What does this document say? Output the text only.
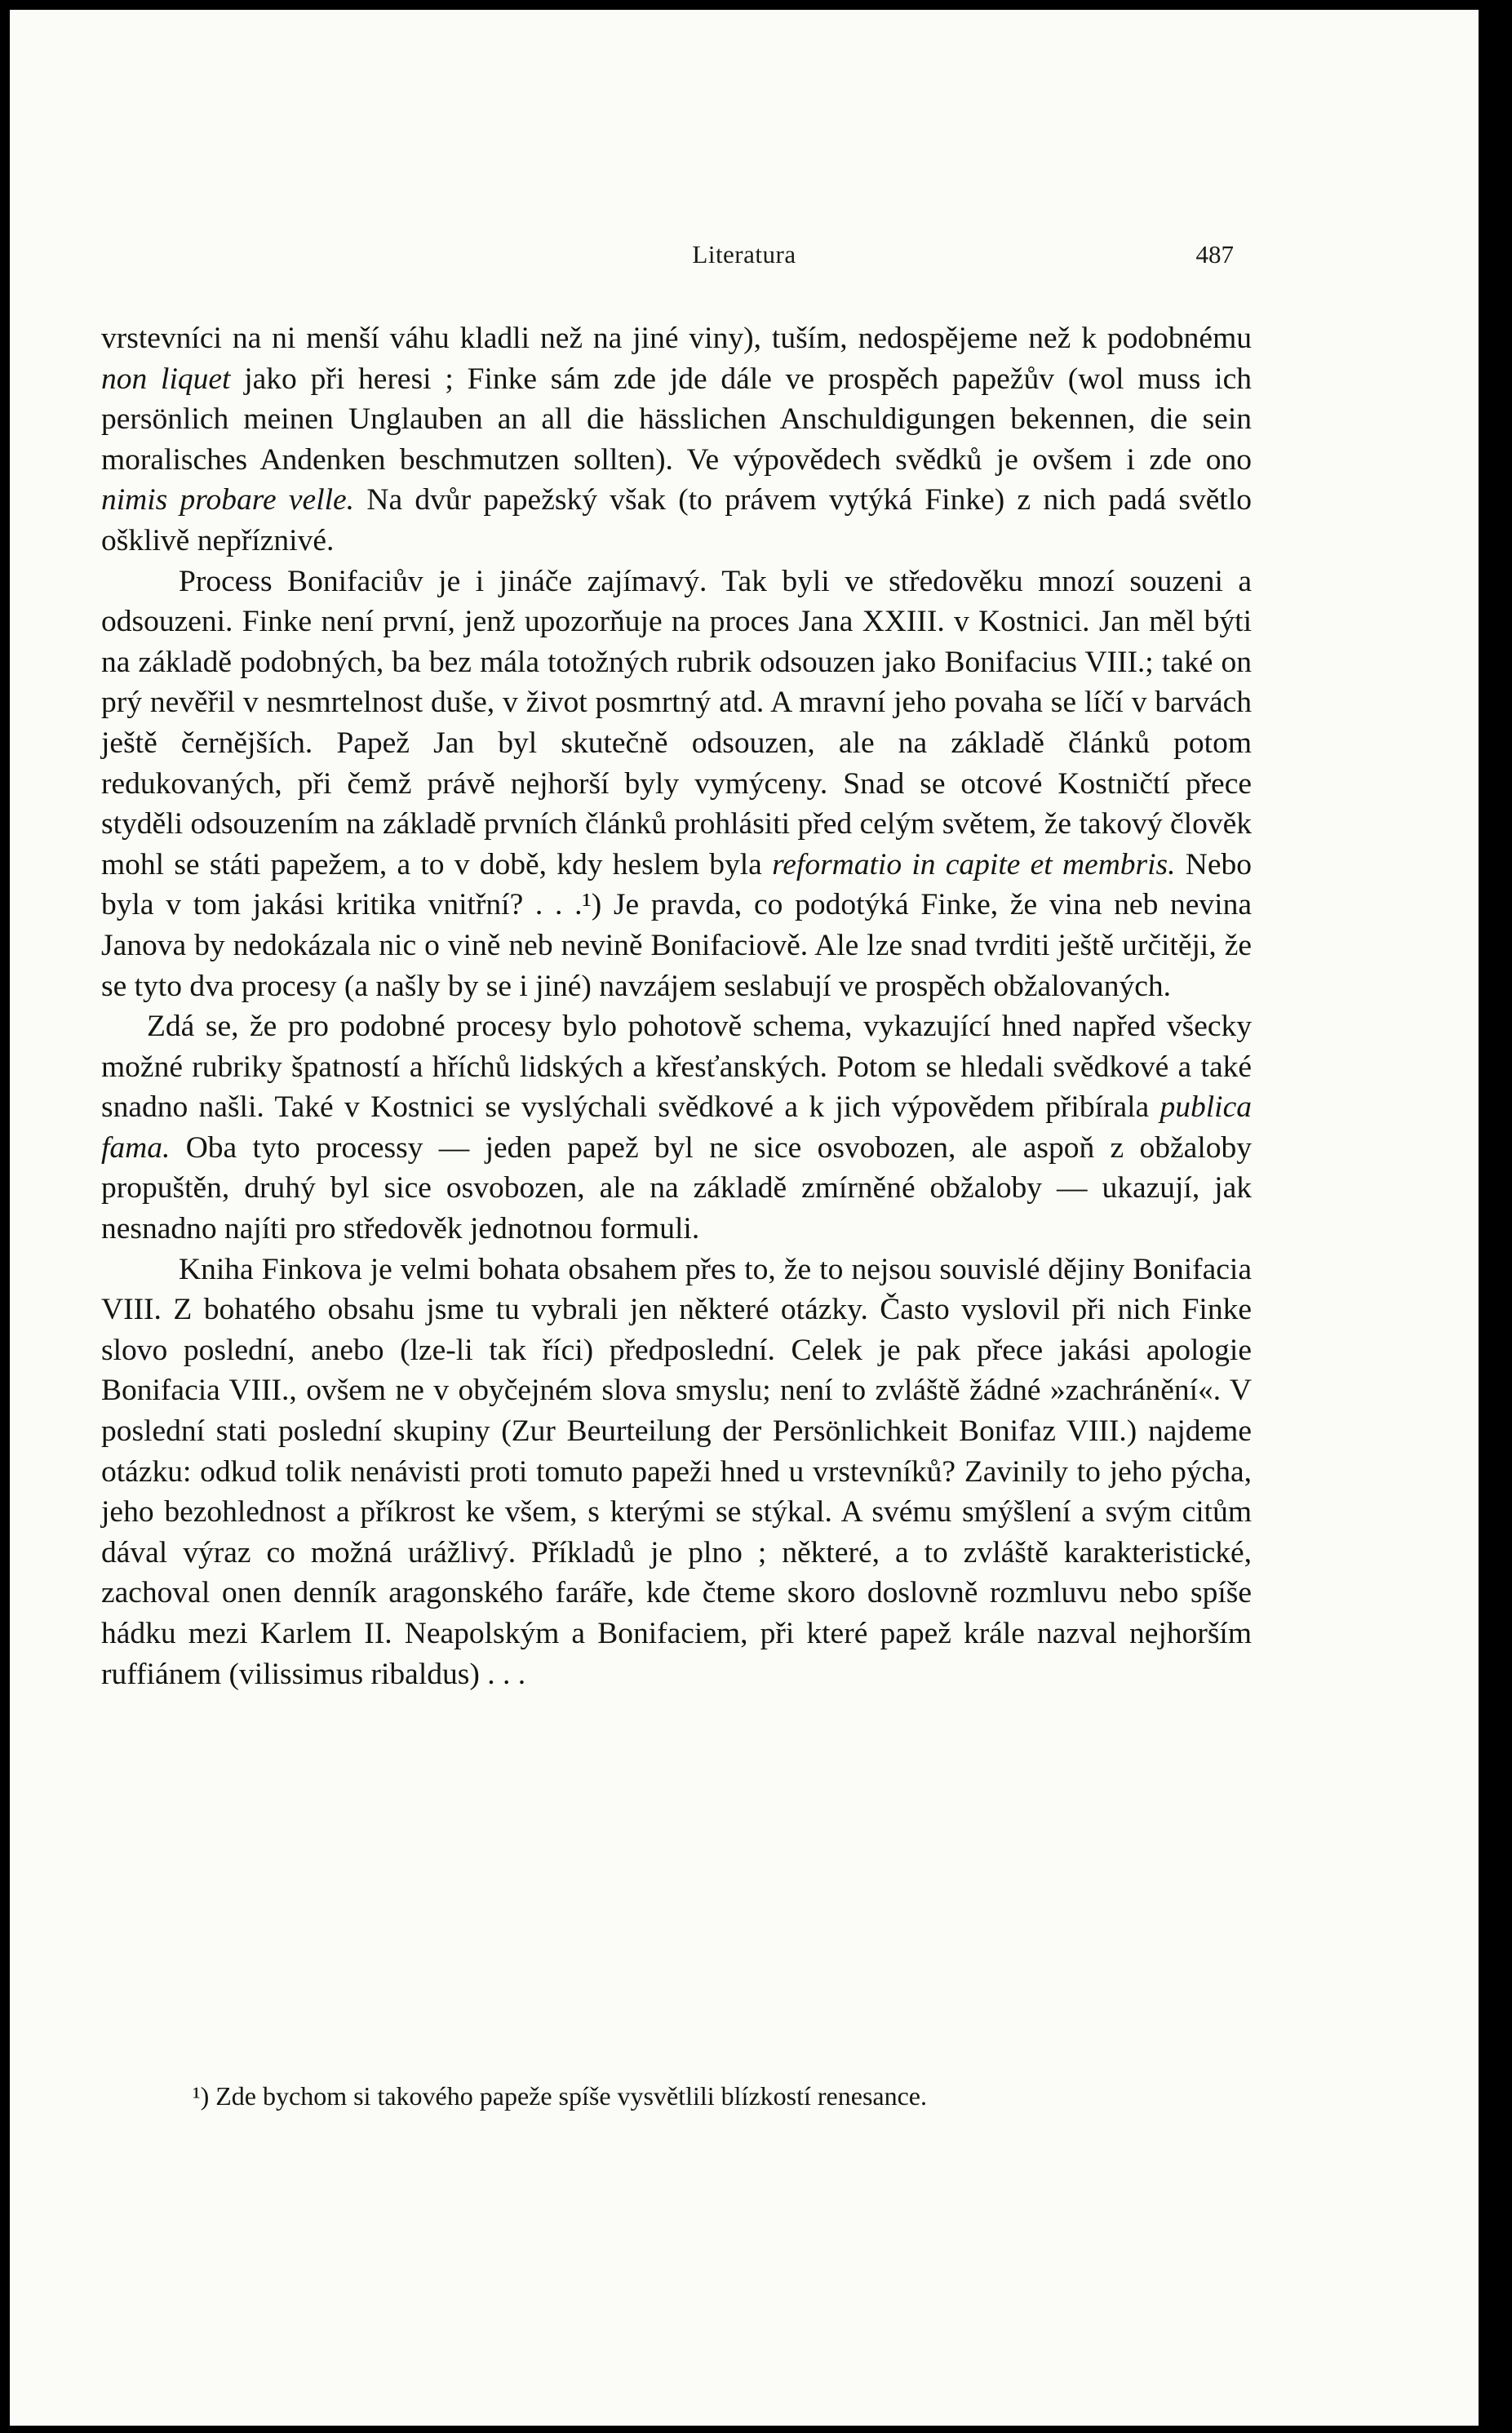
Literatura	487

vrstevníci na ni menší váhu kladli než na jiné viny), tuším, nedospějeme než k podobnému non liquet jako při heresi ; Finke sám zde jde dále ve prospěch papežův (wol muss ich persönlich meinen Unglauben an all die hässlichen Anschuldigungen bekennen, die sein moralisches Andenken beschmutzen sollten). Ve výpovědech svědků je ovšem i zde ono nimis probare velle. Na dvůr papežský však (to právem vytýká Finke) z nich padá světlo ošklivě nepříznivé.

Process Bonifaciův je i jináče zajímavý. Tak byli ve středověku mnozí souzeni a odsouzeni. Finke není první, jenž upozorňuje na proces Jana XXIII. v Kostnici. Jan měl býti na základě podobných, ba bez mála totožných rubrik odsouzen jako Bonifacius VIII.; také on prý nevěřil v nesmrtelnost duše, v život posmrtný atd. A mravní jeho povaha se líčí v barvách ještě černějších. Papež Jan byl skutečně odsouzen, ale na základě článků potom redukovaných, při čemž právě nejhorší byly vymýceny. Snad se otcové Kostničtí přece styděli odsouzením na základě prvních článků prohlásiti před celým světem, že takový člověk mohl se státi papežem, a to v době, kdy heslem byla reformatio in capite et membris. Nebo byla v tom jakási kritika vnitřní? . . .¹) Je pravda, co podotýká Finke, že vina neb nevina Janova by nedokázala nic o vině neb nevině Bonifaciově. Ale lze snad tvrditi ještě určitěji, že se tyto dva procesy (a našly by se i jiné) navzájem seslabují ve prospěch obžalovaných.

Zdá se, že pro podobné procesy bylo pohotově schema, vykazující hned napřed všecky možné rubriky špatností a hříchů lidských a křesťanských. Potom se hledali svědkové a také snadno našli. Také v Kostnici se vyslýchali svědkové a k jich výpovědem přibírala publica fama. Oba tyto processy — jeden papež byl ne sice osvobozen, ale aspoň z obžaloby propuštěn, druhý byl sice osvobozen, ale na základě zmírněné obžaloby — ukazují, jak nesnadno najíti pro středověk jednotnou formuli.

Kniha Finkova je velmi bohata obsahem přes to, že to nejsou souvislé dějiny Bonifacia VIII. Z bohatého obsahu jsme tu vybrali jen některé otázky. Často vyslovil při nich Finke slovo poslední, anebo (lze-li tak říci) předposlední. Celek je pak přece jakási apologie Bonifacia VIII., ovšem ne v obyčejném slova smyslu; není to zvláště žádné »zachránění«. V poslední stati poslední skupiny (Zur Beurteilung der Persönlichkeit Bonifaz VIII.) najdeme otázku: odkud tolik nenávisti proti tomuto papeži hned u vrstevníků? Zavinily to jeho pýcha, jeho bezohlednost a příkrost ke všem, s kterými se stýkal. A svému smýšlení a svým citům dával výraz co možná urážlivý. Příkladů je plno ; některé, a to zvláště karakteristické, zachoval onen denník aragonského faráře, kde čteme skoro doslovně rozmluvu nebo spíše hádku mezi Karlem II. Neapolským a Bonifaciem, při které papež krále nazval nejhorším ruffiánem (vilissimus ribaldus) . . .

¹) Zde bychom si takového papeže spíše vysvětlili blízkostí renesance.
